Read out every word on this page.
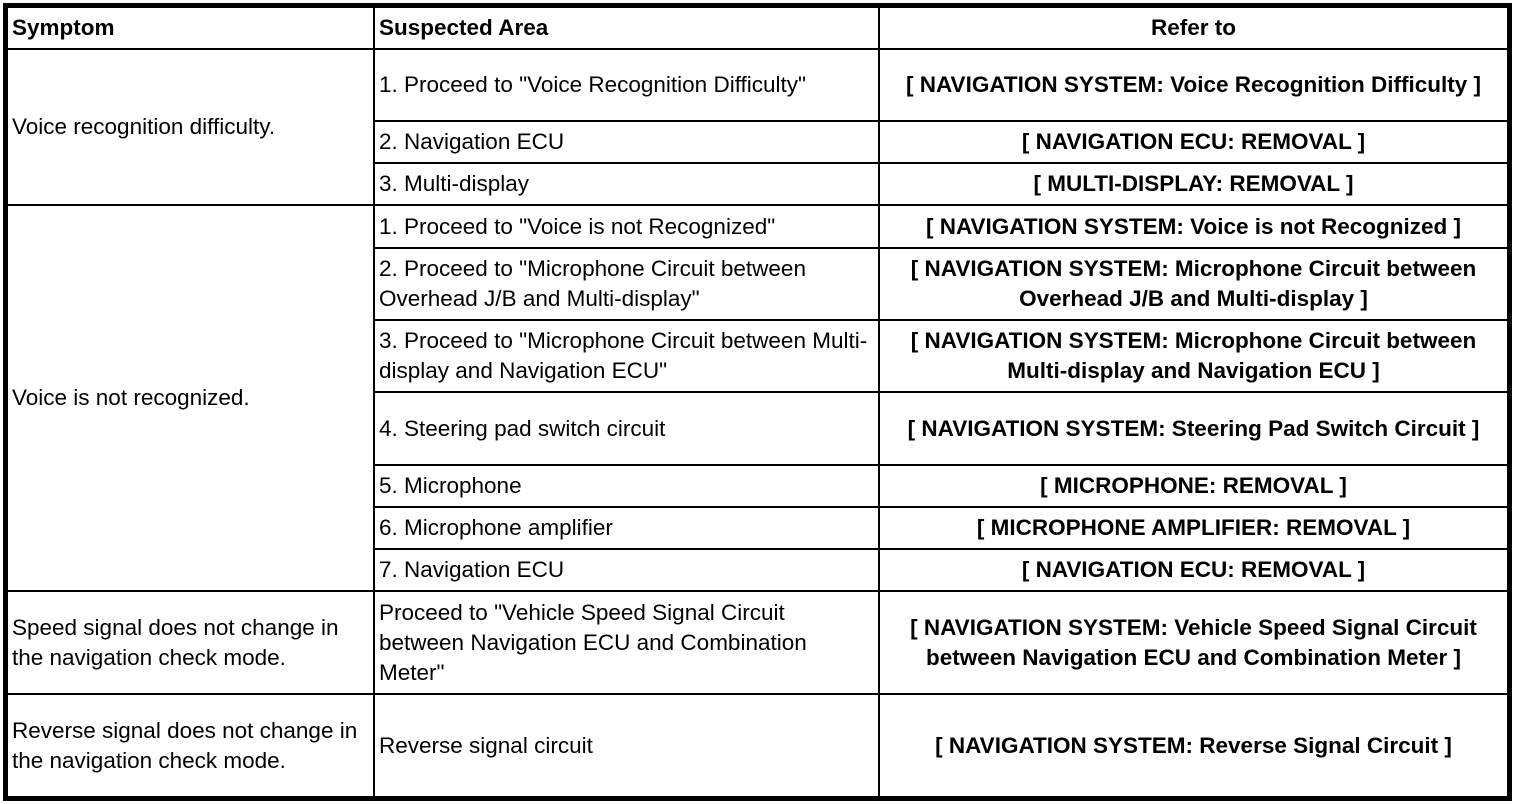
Symptom	Suspected Area	Refer to
Voice recognition difficulty.	1. Proceed to "Voice Recognition Difficulty"	[ NAVIGATION SYSTEM: Voice Recognition Difficulty ]
	2. Navigation ECU	[ NAVIGATION ECU: REMOVAL ]
	3. Multi-display	[ MULTI-DISPLAY: REMOVAL ]
Voice is not recognized.	1. Proceed to "Voice is not Recognized"	[ NAVIGATION SYSTEM: Voice is not Recognized ]
	2. Proceed to "Microphone Circuit between Overhead J/B and Multi-display"	[ NAVIGATION SYSTEM: Microphone Circuit between Overhead J/B and Multi-display ]
	3. Proceed to "Microphone Circuit between Multi-display and Navigation ECU"	[ NAVIGATION SYSTEM: Microphone Circuit between Multi-display and Navigation ECU ]
	4. Steering pad switch circuit	[ NAVIGATION SYSTEM: Steering Pad Switch Circuit ]
	5. Microphone	[ MICROPHONE: REMOVAL ]
	6. Microphone amplifier	[ MICROPHONE AMPLIFIER: REMOVAL ]
	7. Navigation ECU	[ NAVIGATION ECU: REMOVAL ]
Speed signal does not change in the navigation check mode.	Proceed to "Vehicle Speed Signal Circuit between Navigation ECU and Combination Meter"	[ NAVIGATION SYSTEM: Vehicle Speed Signal Circuit between Navigation ECU and Combination Meter ]
Reverse signal does not change in the navigation check mode.	Reverse signal circuit	[ NAVIGATION SYSTEM: Reverse Signal Circuit ]
